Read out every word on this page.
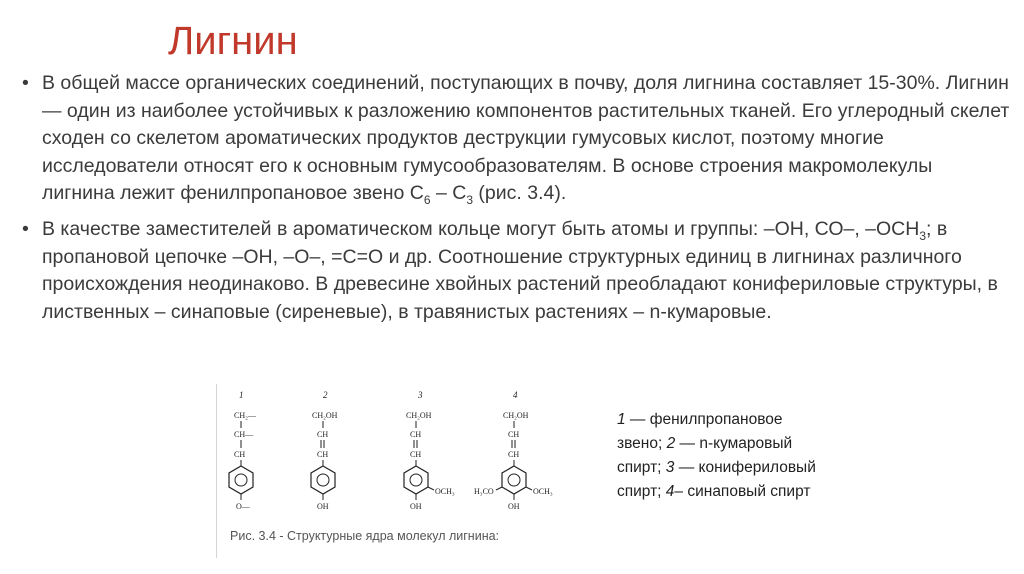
Лигнин
• В общей массе органических соединений, поступающих в почву, доля лигнина составляет 15-30%. Лигнин — один из наиболее устойчивых к разложению компонентов растительных тканей. Его углеродный скелет сходен со скелетом ароматических продуктов деструкции гумусовых кислот, поэтому многие исследователи относят его к основным гумусообразователям. В основе строения макромолекулы лигнина лежит фенилпропановое звено $С_6 - С_3$ (рис. 3.4).
• В качестве заместителей в ароматическом кольце могут быть атомы и группы: –ОН, СО–, $-ОСН_3$; в пропановой цепочке –ОН, –О–, =С=О и др. Соотношение структурных единиц в лигнинах различного происхождения неодинаково. В древесине хвойных растений преобладают конифериловые структуры, в лиственных – синаповые (сиреневые), в травянистых растениях – n-кумаровые.
1
CH₂—
CH—
CH
O—
2
CH₂OH
CH
CH
OH
3
CH₂OH
CH
CH
OCH₃
OH
4
CH₂OH
CH
CH
OCH₃
H₃CO
OH
Рис. 3.4 - Структурные ядра молекул лигнина:
1 — фенилпропановое
звено; 2 — n-кумаровый
спирт; 3 — конифериловый
спирт; 4– синаповый спирт
